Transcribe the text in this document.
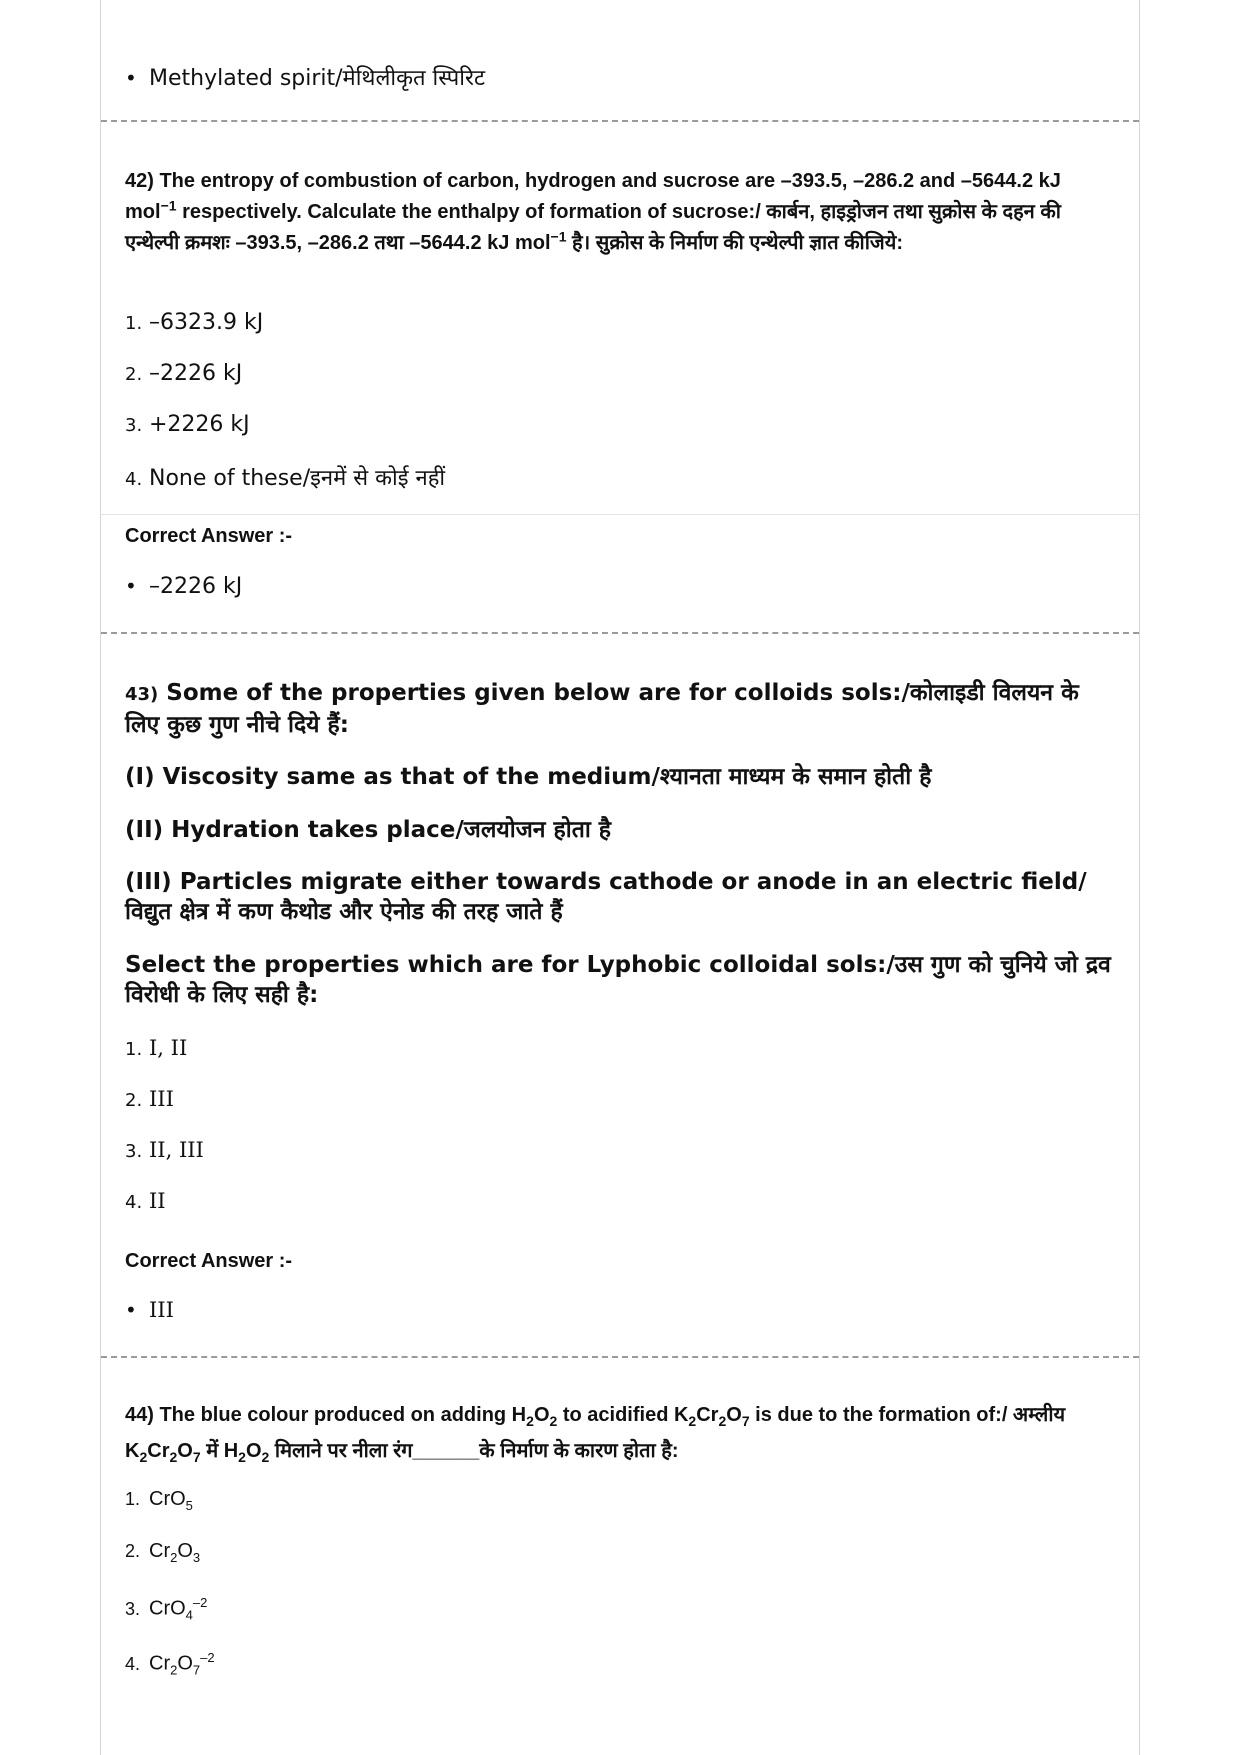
• Methylated spirit/मेथिलीकृत स्पिरिट
42) The entropy of combustion of carbon, hydrogen and sucrose are –393.5, –286.2 and –5644.2 kJ mol$^{-1}$ respectively. Calculate the enthalpy of formation of sucrose:/ कार्बन, हाइड्रोजन तथा सुक्रोस के दहन की एन्थेल्पी क्रमशः –393.5, –286.2 तथा –5644.2 kJ mol$^{-1}$ है। सुक्रोस के निर्माण की एन्थेल्पी ज्ञात कीजिये:
1. –6323.9 kJ
2. –2226 kJ
3. +2226 kJ
4. None of these/इनमें से कोई नहीं
Correct Answer :-
• –2226 kJ
43) Some of the properties given below are for colloids sols:/कोलाइडी विलयन के लिए कुछ गुण नीचे दिये हैं:
(I) Viscosity same as that of the medium/श्यानता माध्यम के समान होती है
(II) Hydration takes place/जलयोजन होता है
(III) Particles migrate either towards cathode or anode in an electric field/ विद्युत क्षेत्र में कण कैथोड और ऐनोड की तरह जाते हैं
Select the properties which are for Lyphobic colloidal sols:/उस गुण को चुनिये जो द्रव विरोधी के लिए सही है:
1. I, II
2. III
3. II, III
4. II
Correct Answer :-
• III
44) The blue colour produced on adding $H_2O_2$ to acidified $K_2Cr_2O_7$ is due to the formation of:/ अम्लीय $K_2Cr_2O_7$ में $H_2O_2$ मिलाने पर नीला रंग______के निर्माण के कारण होता है:
1. CrO$_5$
2. $Cr_2O_3$
3. CrO$_4^{-2}$
4. $Cr_2O_7^{-2}$
